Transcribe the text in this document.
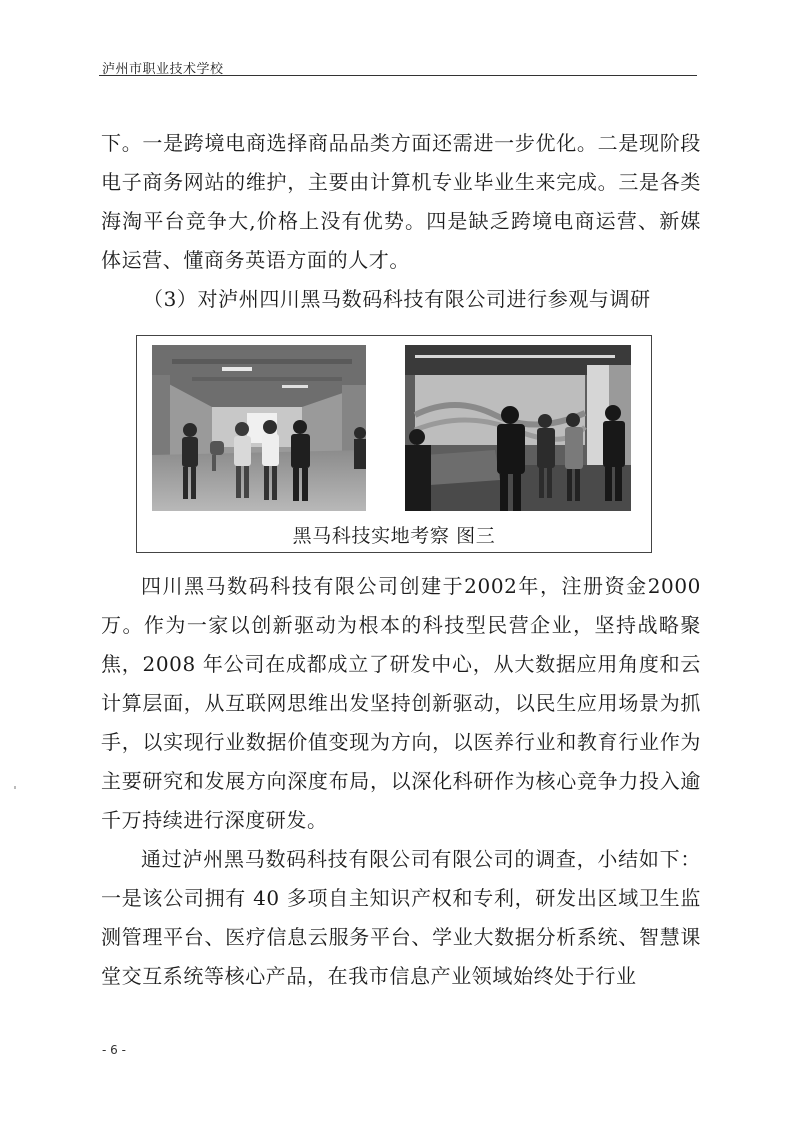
泸州市职业技术学校

下。一是跨境电商选择商品品类方面还需进一步优化。二是现阶段电子商务网站的维护，主要由计算机专业毕业生来完成。三是各类海淘平台竞争大,价格上没有优势。四是缺乏跨境电商运营、新媒体运营、懂商务英语方面的人才。

（3）对泸州四川黑马数码科技有限公司进行参观与调研

黑马科技实地考察 图三

四川黑马数码科技有限公司创建于2002年，注册资金2000万。作为一家以创新驱动为根本的科技型民营企业，坚持战略聚焦，2008 年公司在成都成立了研发中心，从大数据应用角度和云计算层面，从互联网思维出发坚持创新驱动，以民生应用场景为抓手，以实现行业数据价值变现为方向，以医养行业和教育行业作为主要研究和发展方向深度布局，以深化科研作为核心竞争力投入逾千万持续进行深度研发。

通过泸州黑马数码科技有限公司有限公司的调查，小结如下：一是该公司拥有 40 多项自主知识产权和专利，研发出区域卫生监测管理平台、医疗信息云服务平台、学业大数据分析系统、智慧课堂交互系统等核心产品，在我市信息产业领域始终处于行业

- 6 -
